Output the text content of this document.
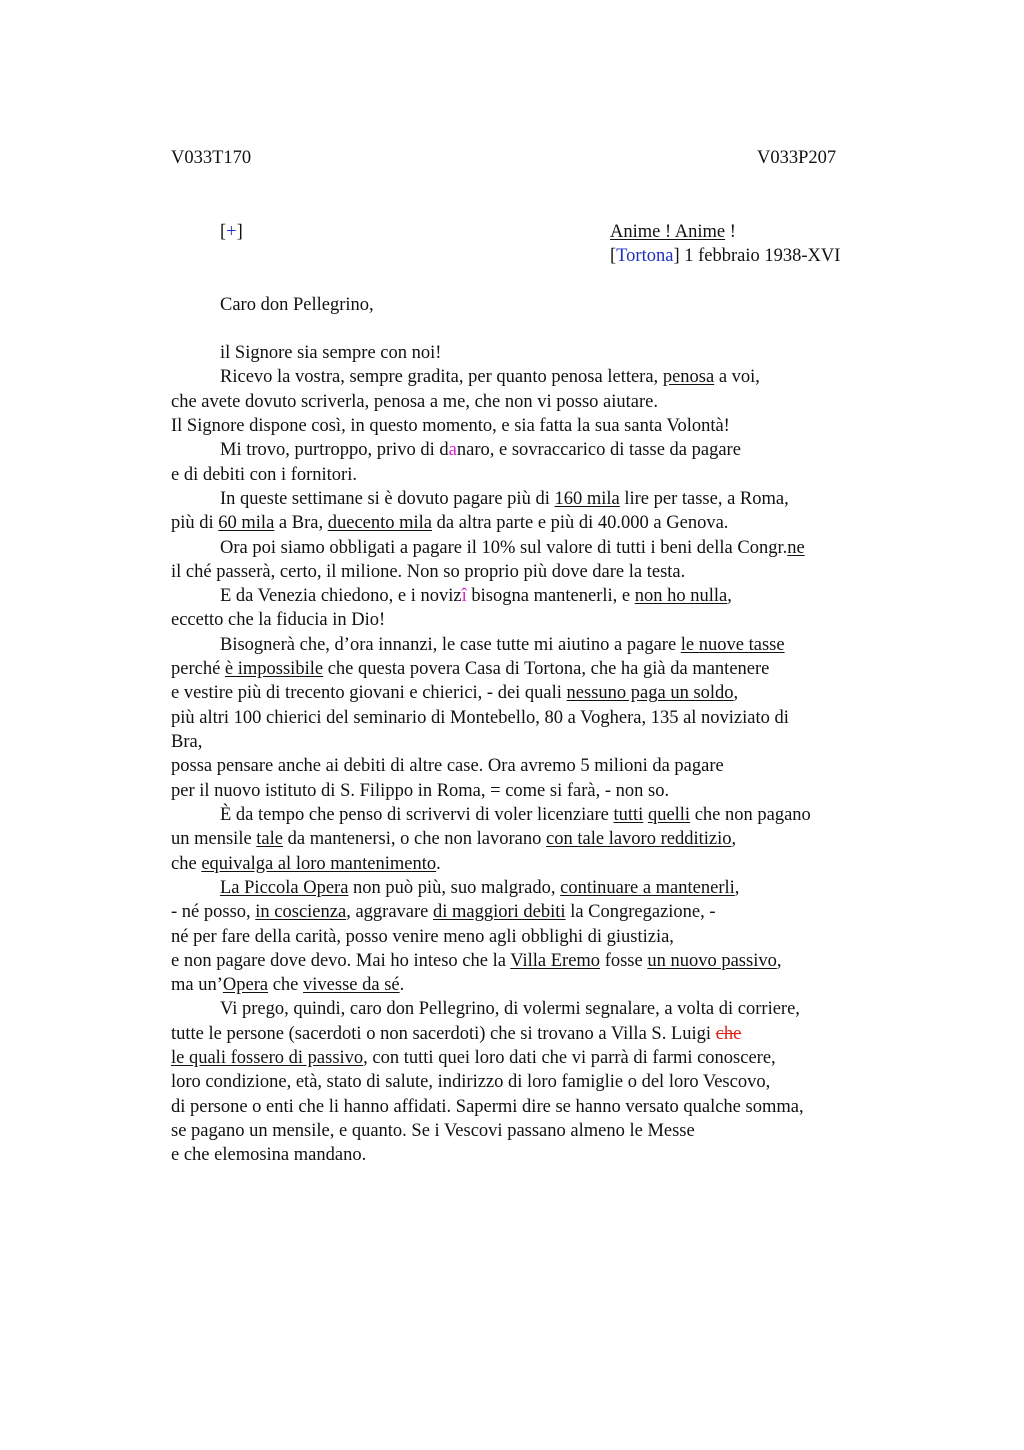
V033T170	V033P207
[+]	Anime ! Anime !
[Tortona] 1 febbraio 1938-XVI
Caro don Pellegrino,
il Signore sia sempre con noi!
Ricevo la vostra, sempre gradita, per quanto penosa lettera, penosa a voi,
che avete dovuto scriverla, penosa a me, che non vi posso aiutare.
Il Signore dispone così, in questo momento, e sia fatta la sua santa Volontà!
Mi trovo, purtroppo, privo di danaro, e sovraccarico di tasse da pagare
e di debiti con i fornitori.
In queste settimane si è dovuto pagare più di 160 mila lire per tasse, a Roma,
più di 60 mila a Bra, duecento mila da altra parte e più di 40.000 a Genova.
Ora poi siamo obbligati a pagare il 10% sul valore di tutti i beni della Congr.ne
il ché passerà, certo, il milione. Non so proprio più dove dare la testa.
E da Venezia chiedono, e i novizî bisogna mantenerli, e non ho nulla,
eccetto che la fiducia in Dio!
Bisognerà che, d’ora innanzi, le case tutte mi aiutino a pagare le nuove tasse
perché è impossibile che questa povera Casa di Tortona, che ha già da mantenere
e vestire più di trecento giovani e chierici, - dei quali nessuno paga un soldo,
più altri 100 chierici del seminario di Montebello, 80 a Voghera, 135 al noviziato di
Bra,
possa pensare anche ai debiti di altre case. Ora avremo 5 milioni da pagare
per il nuovo istituto di S. Filippo in Roma, = come si farà, - non so.
È da tempo che penso di scrivervi di voler licenziare tutti quelli che non pagano
un mensile tale da mantenersi, o che non lavorano con tale lavoro redditizio,
che equivalga al loro mantenimento.
La Piccola Opera non può più, suo malgrado, continuare a mantenerli,
- né posso, in coscienza, aggravare di maggiori debiti la Congregazione, -
né per fare della carità, posso venire meno agli obblighi di giustizia,
e non pagare dove devo. Mai ho inteso che la Villa Eremo fosse un nuovo passivo,
ma un’Opera che vivesse da sé.
Vi prego, quindi, caro don Pellegrino, di volermi segnalare, a volta di corriere,
tutte le persone (sacerdoti o non sacerdoti) che si trovano a Villa S. Luigi che
le quali fossero di passivo, con tutti quei loro dati che vi parrà di farmi conoscere,
loro condizione, età, stato di salute, indirizzo di loro famiglie o del loro Vescovo,
di persone o enti che li hanno affidati. Sapermi dire se hanno versato qualche somma,
se pagano un mensile, e quanto. Se i Vescovi passano almeno le Messe
e che elemosina mandano.
